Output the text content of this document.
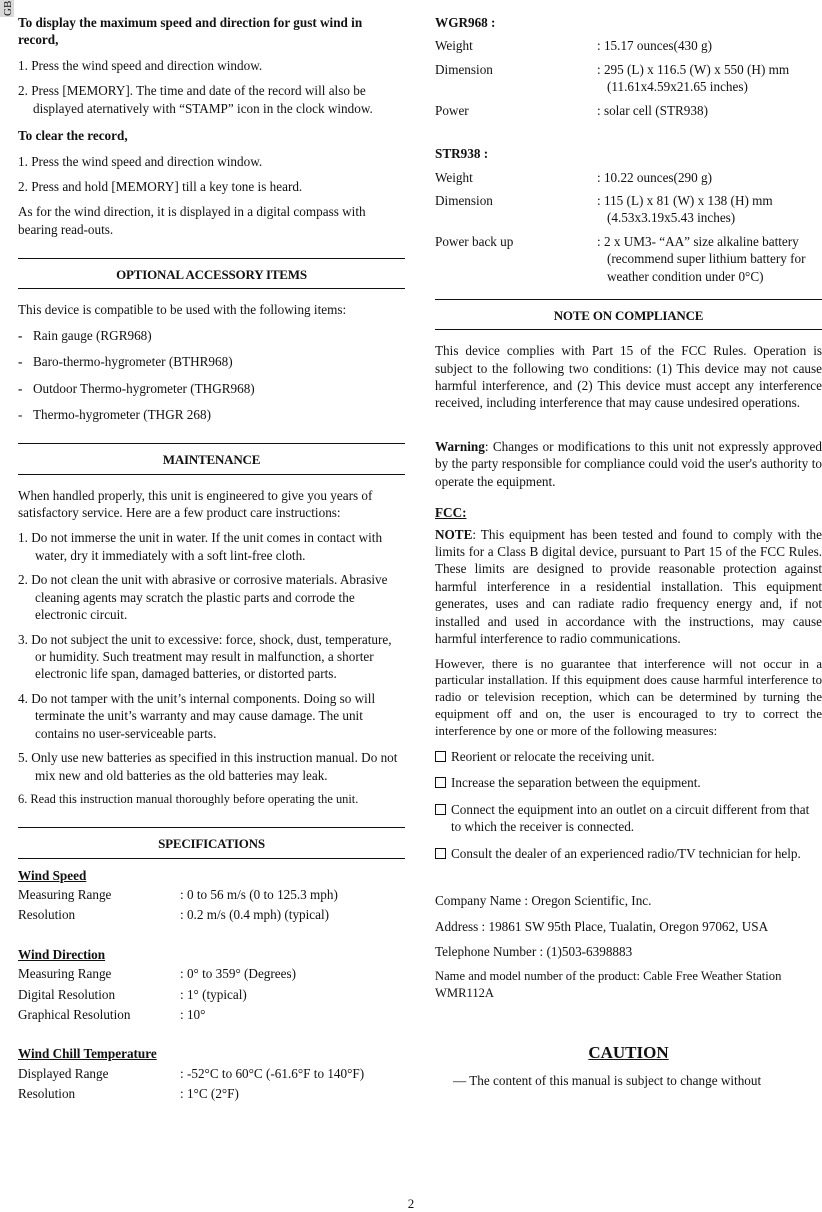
GB

To display the maximum speed and direction for gust wind in record,

1. Press the wind speed and direction window.

2. Press [MEMORY]. The time and date of the record will also be displayed aternatively with “STAMP” icon in the clock window.

To clear the record,

1. Press the wind speed and direction window.

2. Press and hold [MEMORY] till a key tone is heard.

As for the wind direction, it is displayed in a digital compass with bearing read-outs.

OPTIONAL ACCESSORY ITEMS

This device is compatible to be used with the following items:

- Rain gauge (RGR968)
- Baro-thermo-hygrometer (BTHR968)
- Outdoor Thermo-hygrometer (THGR968)
- Thermo-hygrometer (THGR 268)
MAINTENANCE

When handled properly, this unit is engineered to give you years of satisfactory service. Here are a few product care instructions:

1. Do not immerse the unit in water. If the unit comes in contact with water, dry it immediately with a soft lint-free cloth.
2. Do not clean the unit with abrasive or corrosive materials. Abrasive cleaning agents may scratch the plastic parts and corrode the electronic circuit.
3. Do not subject the unit to excessive: force, shock, dust, temperature, or humidity. Such treatment may result in malfunction, a shorter electronic life span, damaged batteries, or distorted parts.
4. Do not tamper with the unit’s internal components. Doing so will terminate the unit’s warranty and may cause damage. The unit contains no user-serviceable parts.
5. Only use new batteries as specified in this instruction manual. Do not mix new and old batteries as the old batteries may leak.
6. Read this instruction manual thoroughly before operating the unit.
SPECIFICATIONS
Wind Speed
Measuring Range	: 0 to 56 m/s (0 to 125.3 mph)
Resolution	: 0.2 m/s (0.4 mph) (typical)
Wind Direction
Measuring Range	: 0° to 359° (Degrees)
Digital Resolution	: 1° (typical)
Graphical Resolution	: 10°
Wind Chill Temperature
Displayed Range	: -52°C to 60°C (-61.6°F to 140°F)
Resolution	: 1°C (2°F)
WGR968 :
Weight	: 15.17 ounces(430 g)
Dimension	: 295 (L) x 116.5 (W) x 550 (H) mm (11.61x4.59x21.65 inches)
Power	: solar cell (STR938)
STR938 :
Weight	: 10.22 ounces(290 g)
Dimension	: 115 (L) x 81 (W) x 138 (H) mm (4.53x3.19x5.43 inches)
Power back up	: 2 x UM3- “AA” size alkaline battery (recommend super lithium battery for weather condition under 0°C)
NOTE ON COMPLIANCE

This device complies with Part 15 of the FCC Rules. Operation is subject to the following two conditions: (1) This device may not cause harmful interference, and (2) This device must accept any interference received, including interference that may cause undesired operations.

Warning: Changes or modifications to this unit not expressly approved by the party responsible for compliance could void the user's authority to operate the equipment.

FCC:

NOTE: This equipment has been tested and found to comply with the limits for a Class B digital device, pursuant to Part 15 of the FCC Rules. These limits are designed to provide reasonable protection against harmful interference in a residential installation. This equipment generates, uses and can radiate radio frequency energy and, if not installed and used in accordance with the instructions, may cause harmful interference to radio communications.

However, there is no guarantee that interference will not occur in a particular installation. If this equipment does cause harmful interference to radio or television reception, which can be determined by turning the equipment off and on, the user is encouraged to try to correct the interference by one or more of the following measures:

Reorient or relocate the receiving unit.
Increase the separation between the equipment.
Connect the equipment into an outlet on a circuit different from that to which the receiver is connected.
Consult the dealer of an experienced radio/TV technician for help.

Company Name : Oregon Scientific, Inc.

Address : 19861 SW 95th Place, Tualatin, Oregon 97062, USA

Telephone Number : (1)503-6398883

Name and model number of the product: Cable Free Weather Station WMR112A

CAUTION

— The content of this manual is subject to change without

2
